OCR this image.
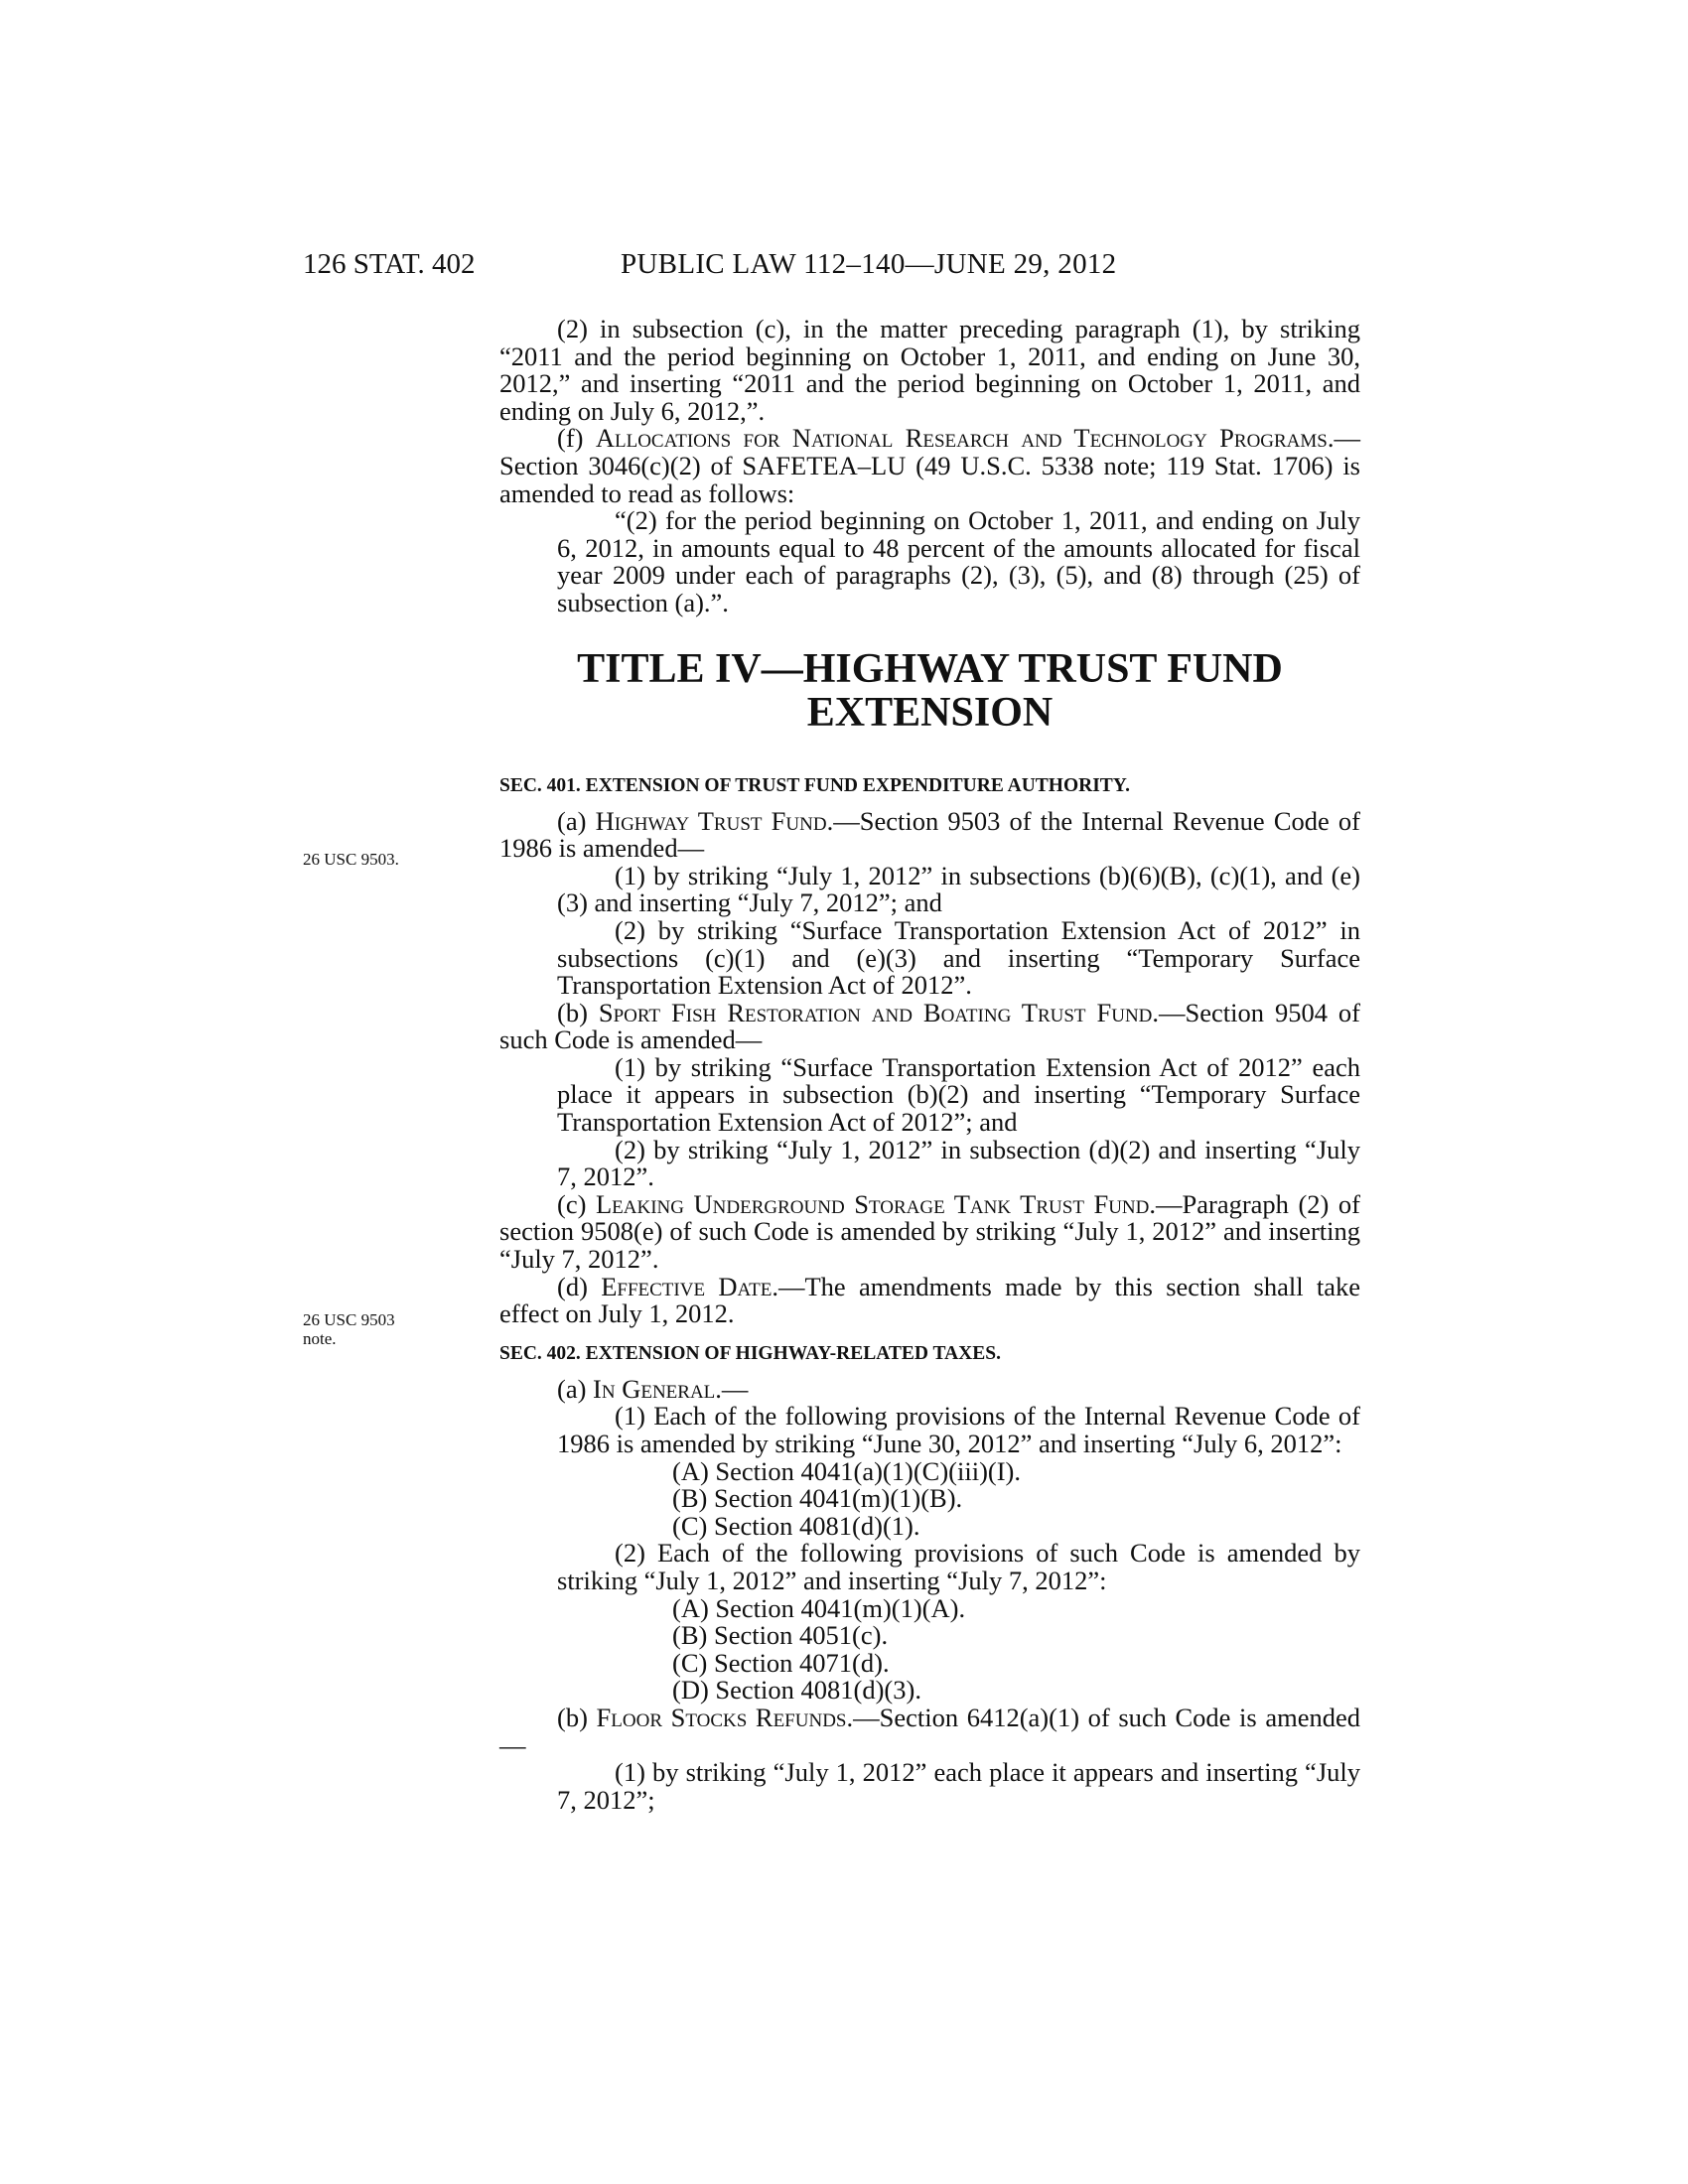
126 STAT. 402	PUBLIC LAW 112–140—JUNE 29, 2012
26 USC 9503.
26 USC 9503
note.

(2) in subsection (c), in the matter preceding paragraph (1), by striking “2011 and the period beginning on October 1, 2011, and ending on June 30, 2012,” and inserting “2011 and the period beginning on October 1, 2011, and ending on July 6, 2012,”.

(f) Allocations for National Research and Technology Programs.—Section 3046(c)(2) of SAFETEA–LU (49 U.S.C. 5338 note; 119 Stat. 1706) is amended to read as follows:

“(2) for the period beginning on October 1, 2011, and ending on July 6, 2012, in amounts equal to 48 percent of the amounts allocated for fiscal year 2009 under each of paragraphs (2), (3), (5), and (8) through (25) of subsection (a).”.

TITLE IV—HIGHWAY TRUST FUND
EXTENSION
SEC. 401. EXTENSION OF TRUST FUND EXPENDITURE AUTHORITY.

(a) Highway Trust Fund.—Section 9503 of the Internal Revenue Code of 1986 is amended—

(1) by striking “July 1, 2012” in subsections (b)(6)(B), (c)(1), and (e)(3) and inserting “July 7, 2012”; and

(2) by striking “Surface Transportation Extension Act of 2012” in subsections (c)(1) and (e)(3) and inserting “Temporary Surface Transportation Extension Act of 2012”.

(b) Sport Fish Restoration and Boating Trust Fund.—Section 9504 of such Code is amended—

(1) by striking “Surface Transportation Extension Act of 2012” each place it appears in subsection (b)(2) and inserting “Temporary Surface Transportation Extension Act of 2012”; and

(2) by striking “July 1, 2012” in subsection (d)(2) and inserting “July 7, 2012”.

(c) Leaking Underground Storage Tank Trust Fund.—Paragraph (2) of section 9508(e) of such Code is amended by striking “July 1, 2012” and inserting “July 7, 2012”.

(d) Effective Date.—The amendments made by this section shall take effect on July 1, 2012.

SEC. 402. EXTENSION OF HIGHWAY-RELATED TAXES.

(a) In General.—

(1) Each of the following provisions of the Internal Revenue Code of 1986 is amended by striking “June 30, 2012” and inserting “July 6, 2012”:

(A) Section 4041(a)(1)(C)(iii)(I).

(B) Section 4041(m)(1)(B).

(C) Section 4081(d)(1).

(2) Each of the following provisions of such Code is amended by striking “July 1, 2012” and inserting “July 7, 2012”:

(A) Section 4041(m)(1)(A).

(B) Section 4051(c).

(C) Section 4071(d).

(D) Section 4081(d)(3).

(b) Floor Stocks Refunds.—Section 6412(a)(1) of such Code is amended—

(1) by striking “July 1, 2012” each place it appears and inserting “July 7, 2012”;
